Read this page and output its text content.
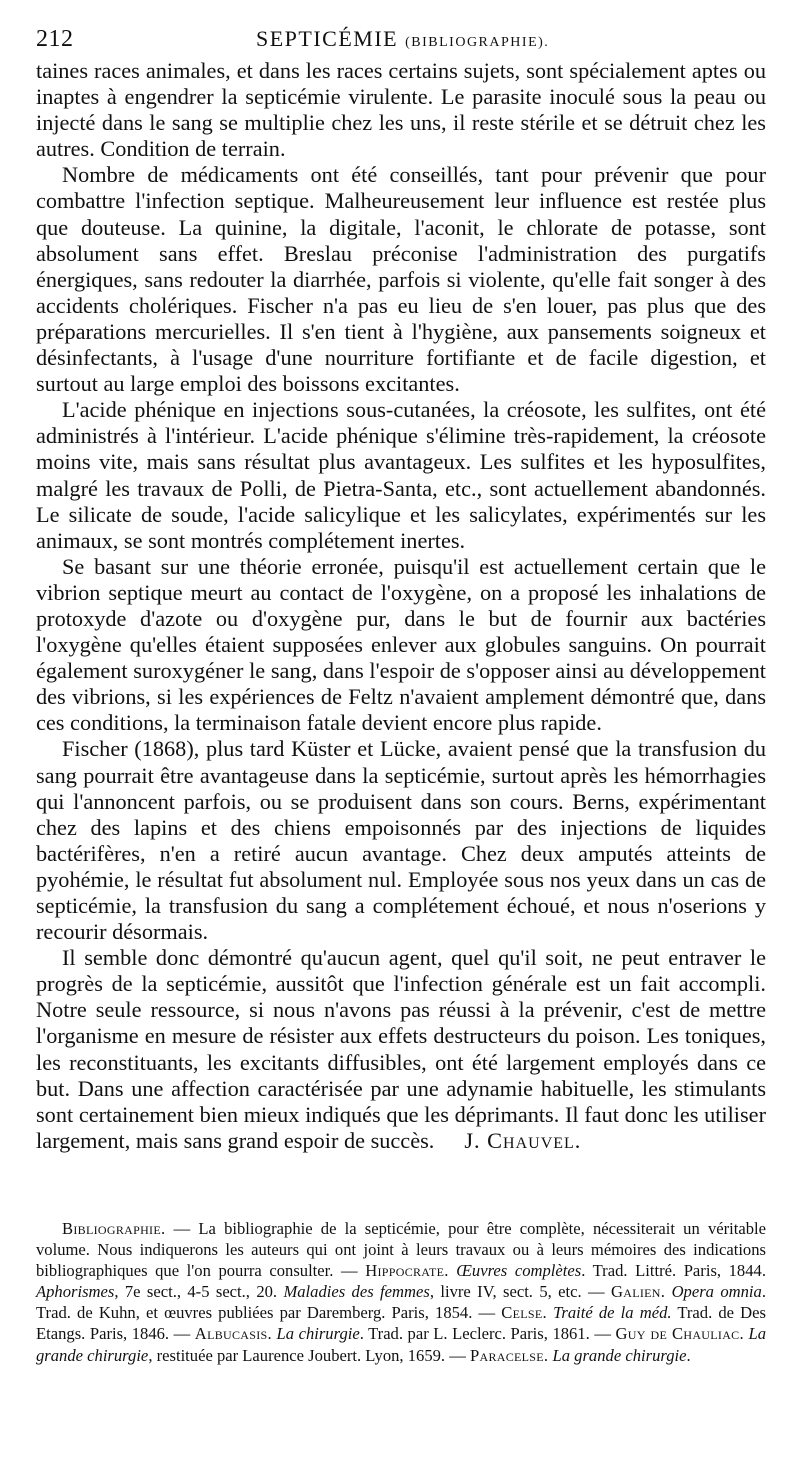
212	SEPTICÉMIE (BIBLIOGRAPHIE).

taines races animales, et dans les races certains sujets, sont spécialement aptes ou inaptes à engendrer la septicémie virulente. Le parasite inoculé sous la peau ou injecté dans le sang se multiplie chez les uns, il reste stérile et se détruit chez les autres. Condition de terrain.

Nombre de médicaments ont été conseillés, tant pour prévenir que pour combattre l'infection septique. Malheureusement leur influence est restée plus que douteuse. La quinine, la digitale, l'aconit, le chlorate de potasse, sont absolument sans effet. Breslau préconise l'administration des purgatifs énergiques, sans redouter la diarrhée, parfois si violente, qu'elle fait songer à des accidents cholériques. Fischer n'a pas eu lieu de s'en louer, pas plus que des préparations mercurielles. Il s'en tient à l'hygiène, aux pansements soigneux et désinfectants, à l'usage d'une nourriture fortifiante et de facile digestion, et surtout au large emploi des boissons excitantes.

L'acide phénique en injections sous-cutanées, la créosote, les sulfites, ont été administrés à l'intérieur. L'acide phénique s'élimine très-rapidement, la créosote moins vite, mais sans résultat plus avantageux. Les sulfites et les hyposulfites, malgré les travaux de Polli, de Pietra-Santa, etc., sont actuellement abandonnés. Le silicate de soude, l'acide salicylique et les salicylates, expérimentés sur les animaux, se sont montrés complétement inertes.

Se basant sur une théorie erronée, puisqu'il est actuellement certain que le vibrion septique meurt au contact de l'oxygène, on a proposé les inhalations de protoxyde d'azote ou d'oxygène pur, dans le but de fournir aux bactéries l'oxygène qu'elles étaient supposées enlever aux globules sanguins. On pourrait également suroxygéner le sang, dans l'espoir de s'opposer ainsi au développement des vibrions, si les expériences de Feltz n'avaient amplement démontré que, dans ces conditions, la terminaison fatale devient encore plus rapide.

Fischer (1868), plus tard Küster et Lücke, avaient pensé que la transfusion du sang pourrait être avantageuse dans la septicémie, surtout après les hémorrhagies qui l'annoncent parfois, ou se produisent dans son cours. Berns, expérimentant chez des lapins et des chiens empoisonnés par des injections de liquides bactérifères, n'en a retiré aucun avantage. Chez deux amputés atteints de pyohémie, le résultat fut absolument nul. Employée sous nos yeux dans un cas de septicémie, la transfusion du sang a complétement échoué, et nous n'oserions y recourir désormais.

Il semble donc démontré qu'aucun agent, quel qu'il soit, ne peut entraver le progrès de la septicémie, aussitôt que l'infection générale est un fait accompli. Notre seule ressource, si nous n'avons pas réussi à la prévenir, c'est de mettre l'organisme en mesure de résister aux effets destructeurs du poison. Les toniques, les reconstituants, les excitants diffusibles, ont été largement employés dans ce but. Dans une affection caractérisée par une adynamie habituelle, les stimulants sont certainement bien mieux indiqués que les déprimants. Il faut donc les utiliser largement, mais sans grand espoir de succès. J. Chauvel.

Bibliographie. — La bibliographie de la septicémie, pour être complète, nécessiterait un véritable volume. Nous indiquerons les auteurs qui ont joint à leurs travaux ou à leurs mémoires des indications bibliographiques que l'on pourra consulter. — Hippocrate. Œuvres complètes. Trad. Littré. Paris, 1844. Aphorismes, 7e sect., 4-5 sect., 20. Maladies des femmes, livre IV, sect. 5, etc. — Galien. Opera omnia. Trad. de Kuhn, et œuvres publiées par Daremberg. Paris, 1854. — Celse. Traité de la méd. Trad. de Des Etangs. Paris, 1846. — Albucasis. La chirurgie. Trad. par L. Leclerc. Paris, 1861. — Guy de Chauliac. La grande chirurgie, restituée par Laurence Joubert. Lyon, 1659. — Paracelse. La grande chirurgie.
